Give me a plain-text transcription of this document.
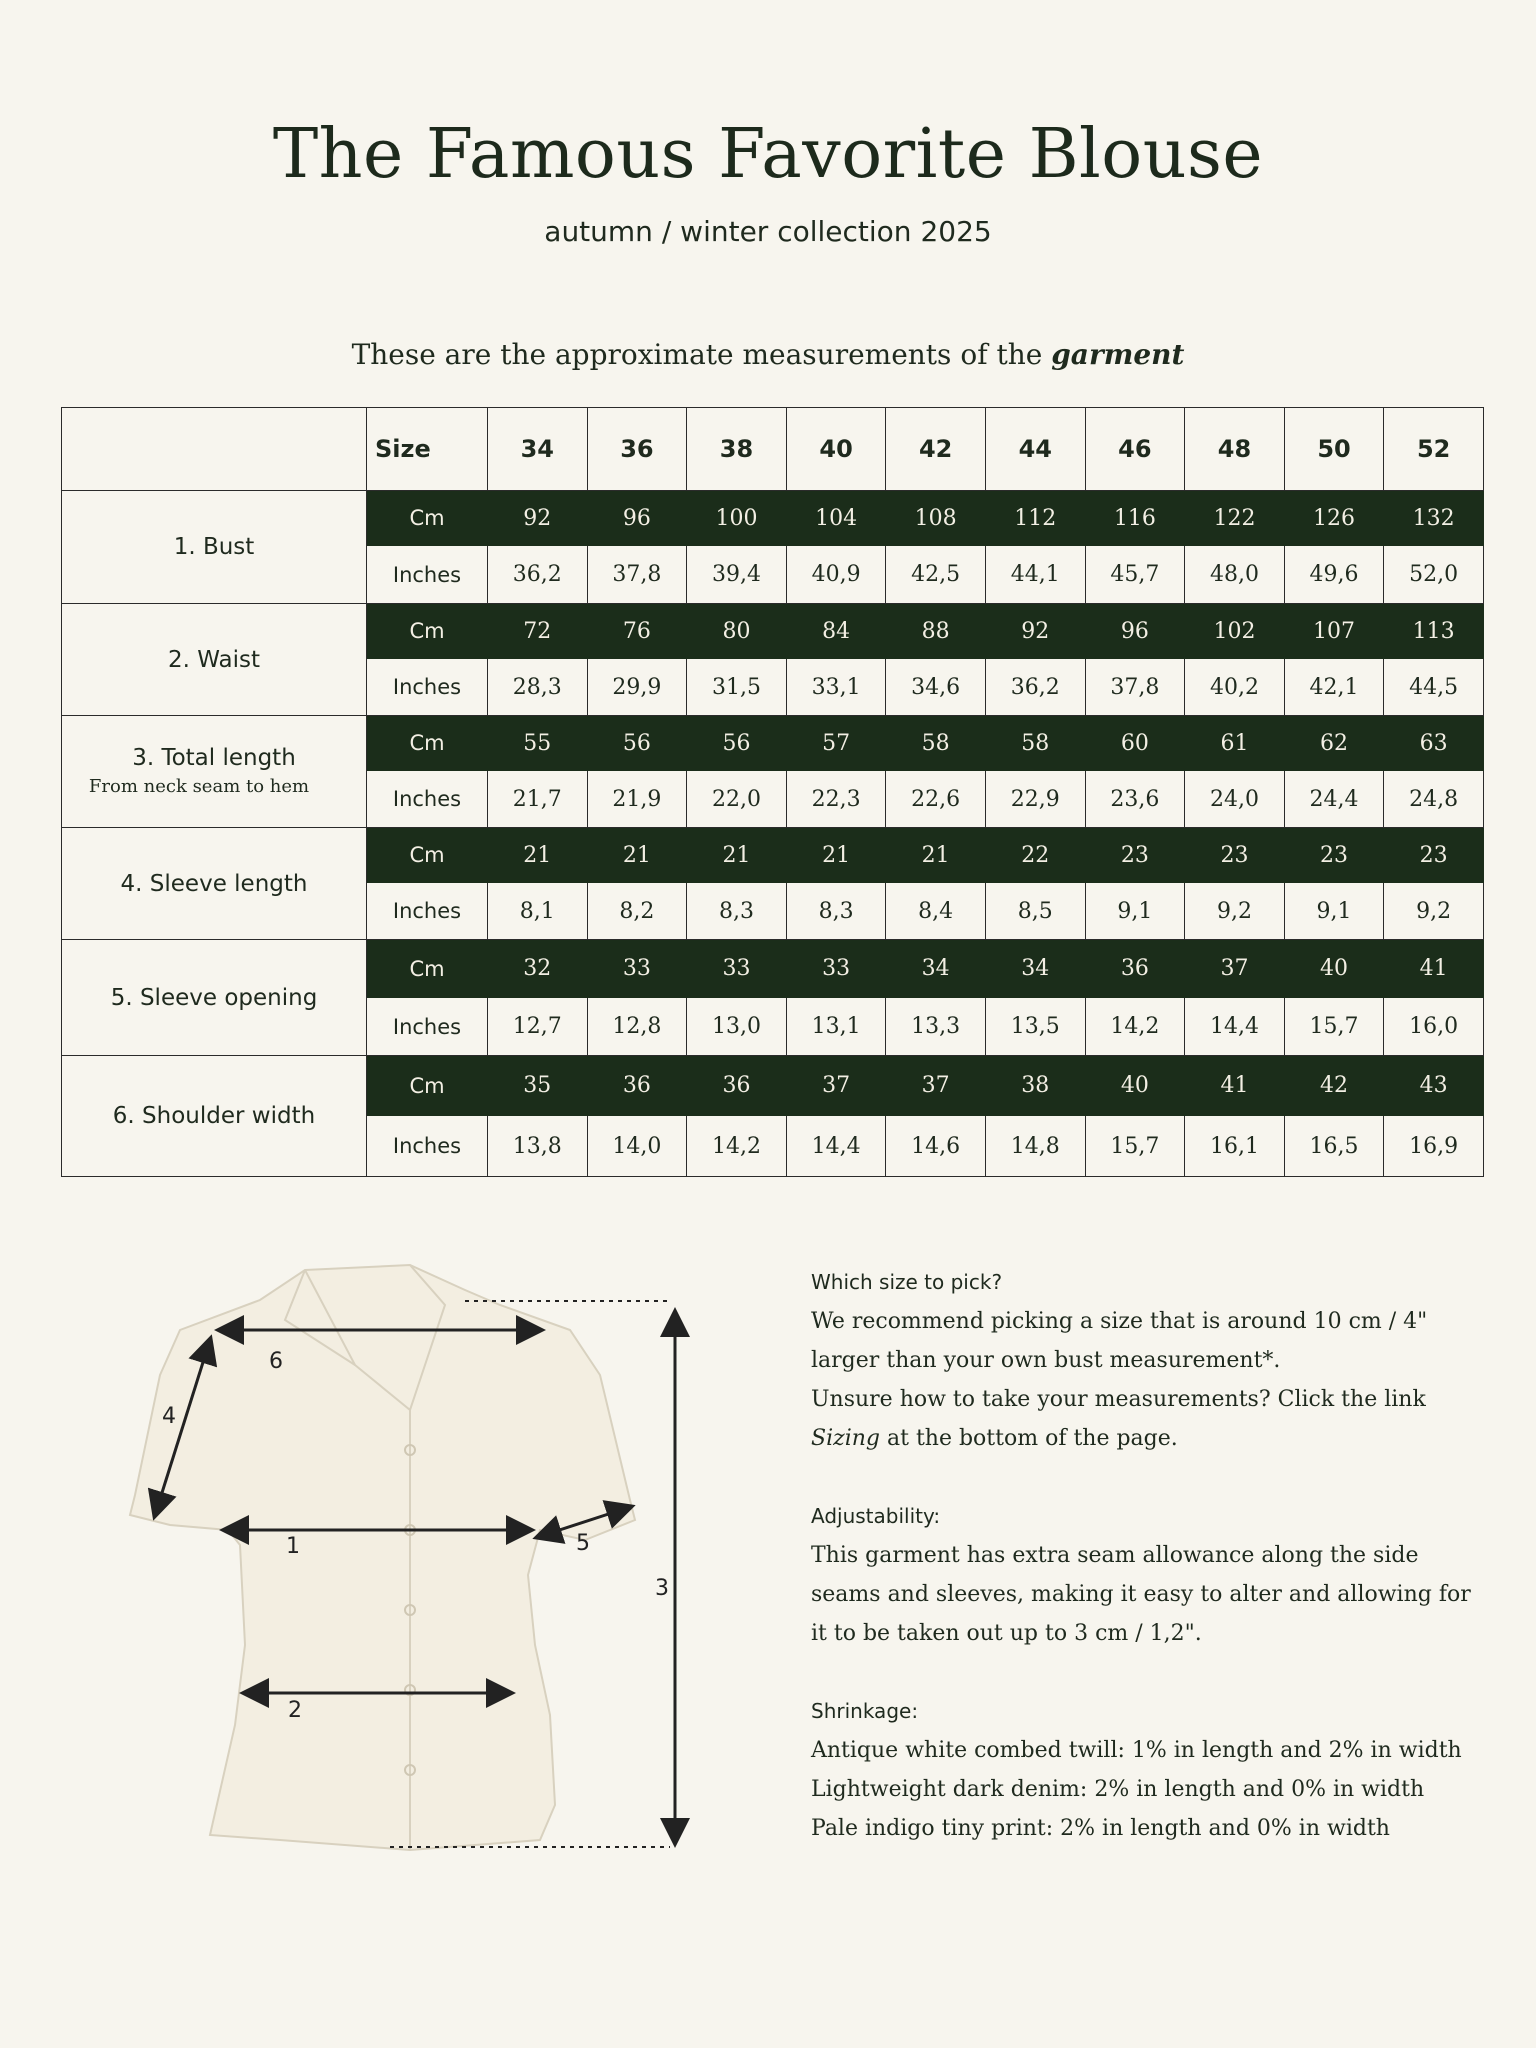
The Famous Favorite Blouse
autumn / winter collection 2025
These are the approximate measurements of the garment
	Size	34	36	38	40	42	44	46	48	50	52
1. Bust	Cm	92	96	100	104	108	112	116	122	126	132
	Inches	36,2	37,8	39,4	40,9	42,5	44,1	45,7	48,0	49,6	52,0
2. Waist	Cm	72	76	80	84	88	92	96	102	107	113
	Inches	28,3	29,9	31,5	33,1	34,6	36,2	37,8	40,2	42,1	44,5
3. Total length
From neck seam to hem	Cm	55	56	56	57	58	58	60	61	62	63
	Inches	21,7	21,9	22,0	22,3	22,6	22,9	23,6	24,0	24,4	24,8
4. Sleeve length	Cm	21	21	21	21	21	22	23	23	23	23
	Inches	8,1	8,2	8,3	8,3	8,4	8,5	9,1	9,2	9,1	9,2
5. Sleeve opening	Cm	32	33	33	33	34	34	36	37	40	41
	Inches	12,7	12,8	13,0	13,1	13,3	13,5	14,2	14,4	15,7	16,0
6. Shoulder width	Cm	35	36	36	37	37	38	40	41	42	43
	Inches	13,8	14,0	14,2	14,4	14,6	14,8	15,7	16,1	16,5	16,9
1
2
3
4
5
6

Which size to pick?

We recommend picking a size that is around 10 cm / 4"

larger than your own bust measurement*.

Unsure how to take your measurements? Click the link

Sizing at the bottom of the page.

Adjustability:

This garment has extra seam allowance along the side

seams and sleeves, making it easy to alter and allowing for

it to be taken out up to 3 cm / 1,2".

Shrinkage:

Antique white combed twill: 1% in length and 2% in width

Lightweight dark denim: 2% in length and 0% in width

Pale indigo tiny print: 2% in length and 0% in width
